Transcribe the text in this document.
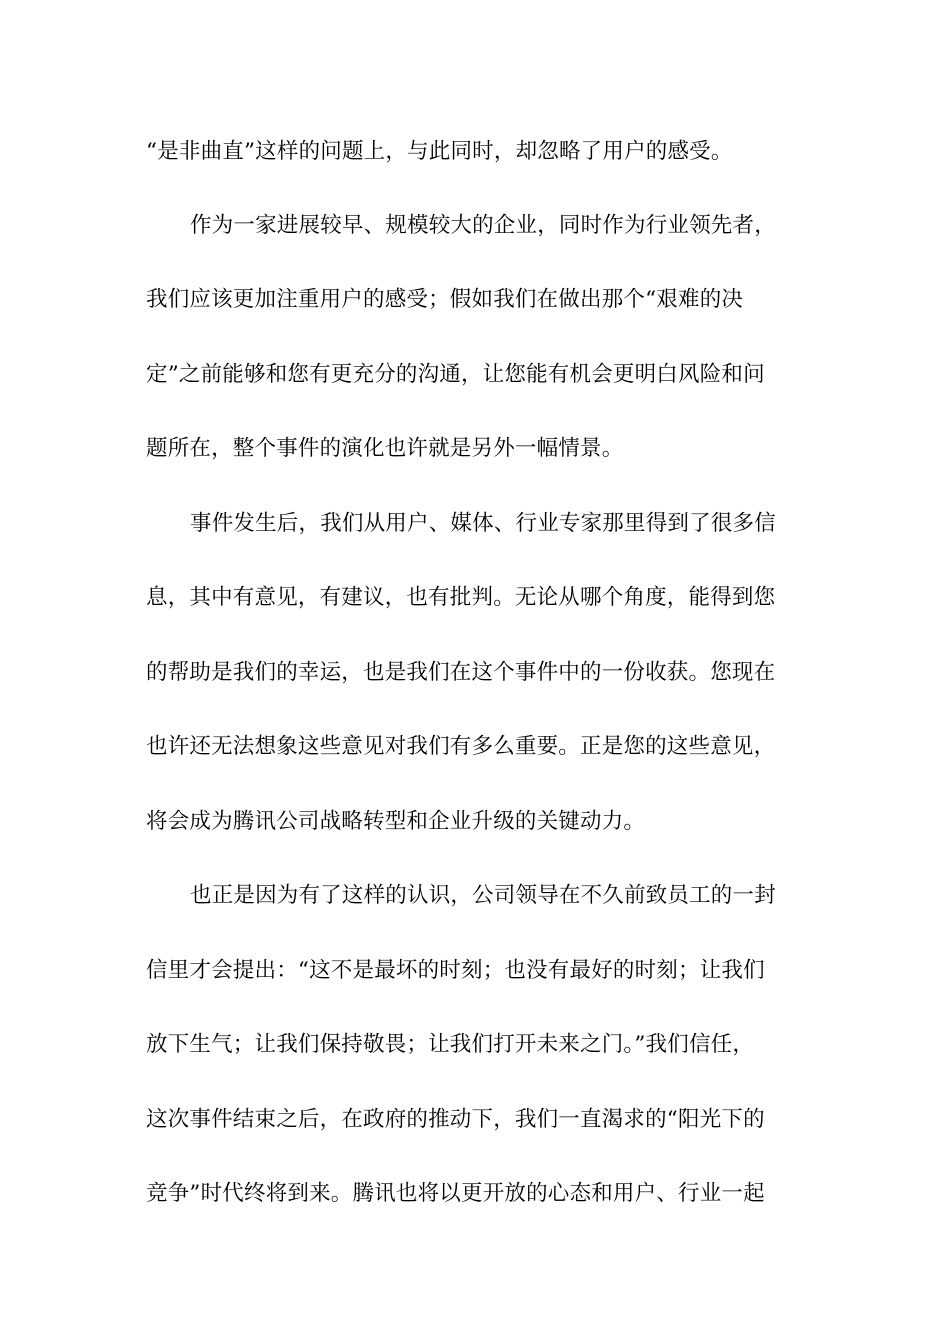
“是非曲直”这样的问题上，与此同时，却忽略了用户的感受。
作为一家进展较早、规模较大的企业，同时作为行业领先者，
我们应该更加注重用户的感受；假如我们在做出那个“艰难的决
定”之前能够和您有更充分的沟通，让您能有机会更明白风险和问
题所在，整个事件的演化也许就是另外一幅情景。
事件发生后，我们从用户、媒体、行业专家那里得到了很多信
息，其中有意见，有建议，也有批判。无论从哪个角度，能得到您
的帮助是我们的幸运，也是我们在这个事件中的一份收获。您现在
也许还无法想象这些意见对我们有多么重要。正是您的这些意见，
将会成为腾讯公司战略转型和企业升级的关键动力。
也正是因为有了这样的认识，公司领导在不久前致员工的一封
信里才会提出：“这不是最坏的时刻；也没有最好的时刻；让我们
放下生气；让我们保持敬畏；让我们打开未来之门。”我们信任，
这次事件结束之后，在政府的推动下，我们一直渴求的“阳光下的
竞争”时代终将到来。腾讯也将以更开放的心态和用户、行业一起
